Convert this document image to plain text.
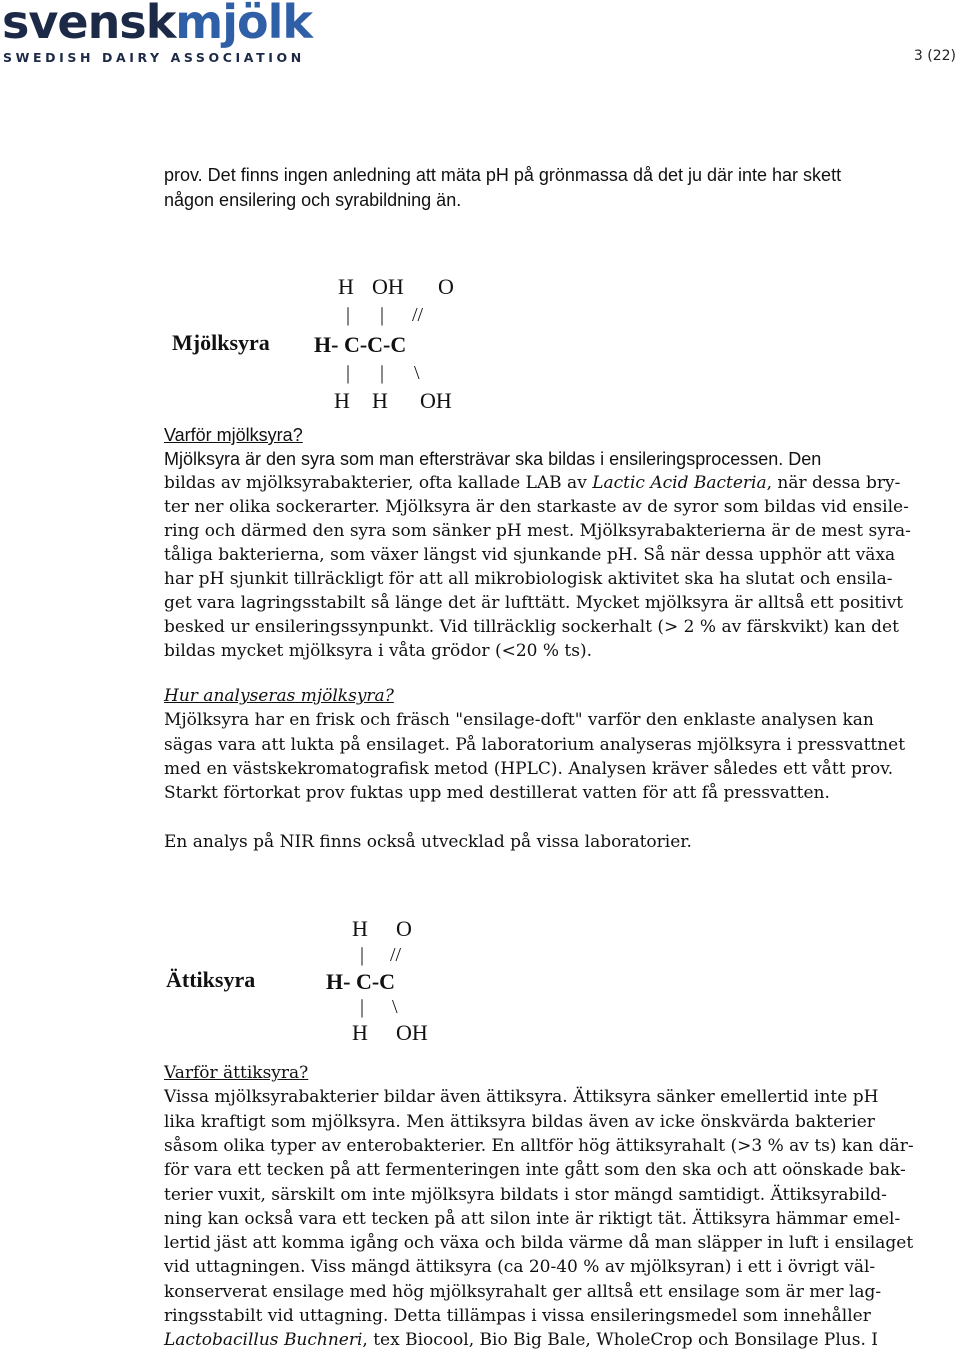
svenskmjölk
SWEDISH DAIRY ASSOCIATION	3 (22)
prov. Det finns ingen anledning att mäta pH på grönmassa då det ju där inte har skett
någon ensilering och syrabildning än.
Mjölksyra
H OH O
| | //
H- C-C-C
| | \
H H OH
Varför mjölksyra?
Mjölksyra är den syra som man eftersträvar ska bildas i ensileringsprocessen. Den
bildas av mjölksyrabakterier, ofta kallade LAB av Lactic Acid Bacteria, när dessa bry-
ter ner olika sockerarter. Mjölksyra är den starkaste av de syror som bildas vid ensile-
ring och därmed den syra som sänker pH mest. Mjölksyrabakterierna är de mest syra-
tåliga bakterierna, som växer längst vid sjunkande pH. Så när dessa upphör att växa
har pH sjunkit tillräckligt för att all mikrobiologisk aktivitet ska ha slutat och ensila-
get vara lagringsstabilt så länge det är lufttätt. Mycket mjölksyra är alltså ett positivt
besked ur ensileringssynpunkt. Vid tillräcklig sockerhalt (> 2 % av färskvikt) kan det
bildas mycket mjölksyra i våta grödor (<20 % ts).
Hur analyseras mjölksyra?
Mjölksyra har en frisk och fräsch "ensilage-doft" varför den enklaste analysen kan
sägas vara att lukta på ensilaget. På laboratorium analyseras mjölksyra i pressvattnet
med en västskekromatografisk metod (HPLC). Analysen kräver således ett vått prov.
Starkt förtorkat prov fuktas upp med destillerat vatten för att få pressvatten.
En analys på NIR finns också utvecklad på vissa laboratorier.
Ättiksyra
H O
| //
H- C-C
| \
H OH
Varför ättiksyra?
Vissa mjölksyrabakterier bildar även ättiksyra. Ättiksyra sänker emellertid inte pH
lika kraftigt som mjölksyra. Men ättiksyra bildas även av icke önskvärda bakterier
såsom olika typer av enterobakterier. En alltför hög ättiksyrahalt (>3 % av ts) kan där-
för vara ett tecken på att fermenteringen inte gått som den ska och att oönskade bak-
terier vuxit, särskilt om inte mjölksyra bildats i stor mängd samtidigt. Ättiksyrabild-
ning kan också vara ett tecken på att silon inte är riktigt tät. Ättiksyra hämmar emel-
lertid jäst att komma igång och växa och bilda värme då man släpper in luft i ensilaget
vid uttagningen. Viss mängd ättiksyra (ca 20-40 % av mjölksyran) i ett i övrigt väl-
konserverat ensilage med hög mjölksyrahalt ger alltså ett ensilage som är mer lag-
ringsstabilt vid uttagning. Detta tillämpas i vissa ensileringsmedel som innehåller
Lactobacillus Buchneri, tex Biocool, Bio Big Bale, WholeCrop och Bonsilage Plus. I
